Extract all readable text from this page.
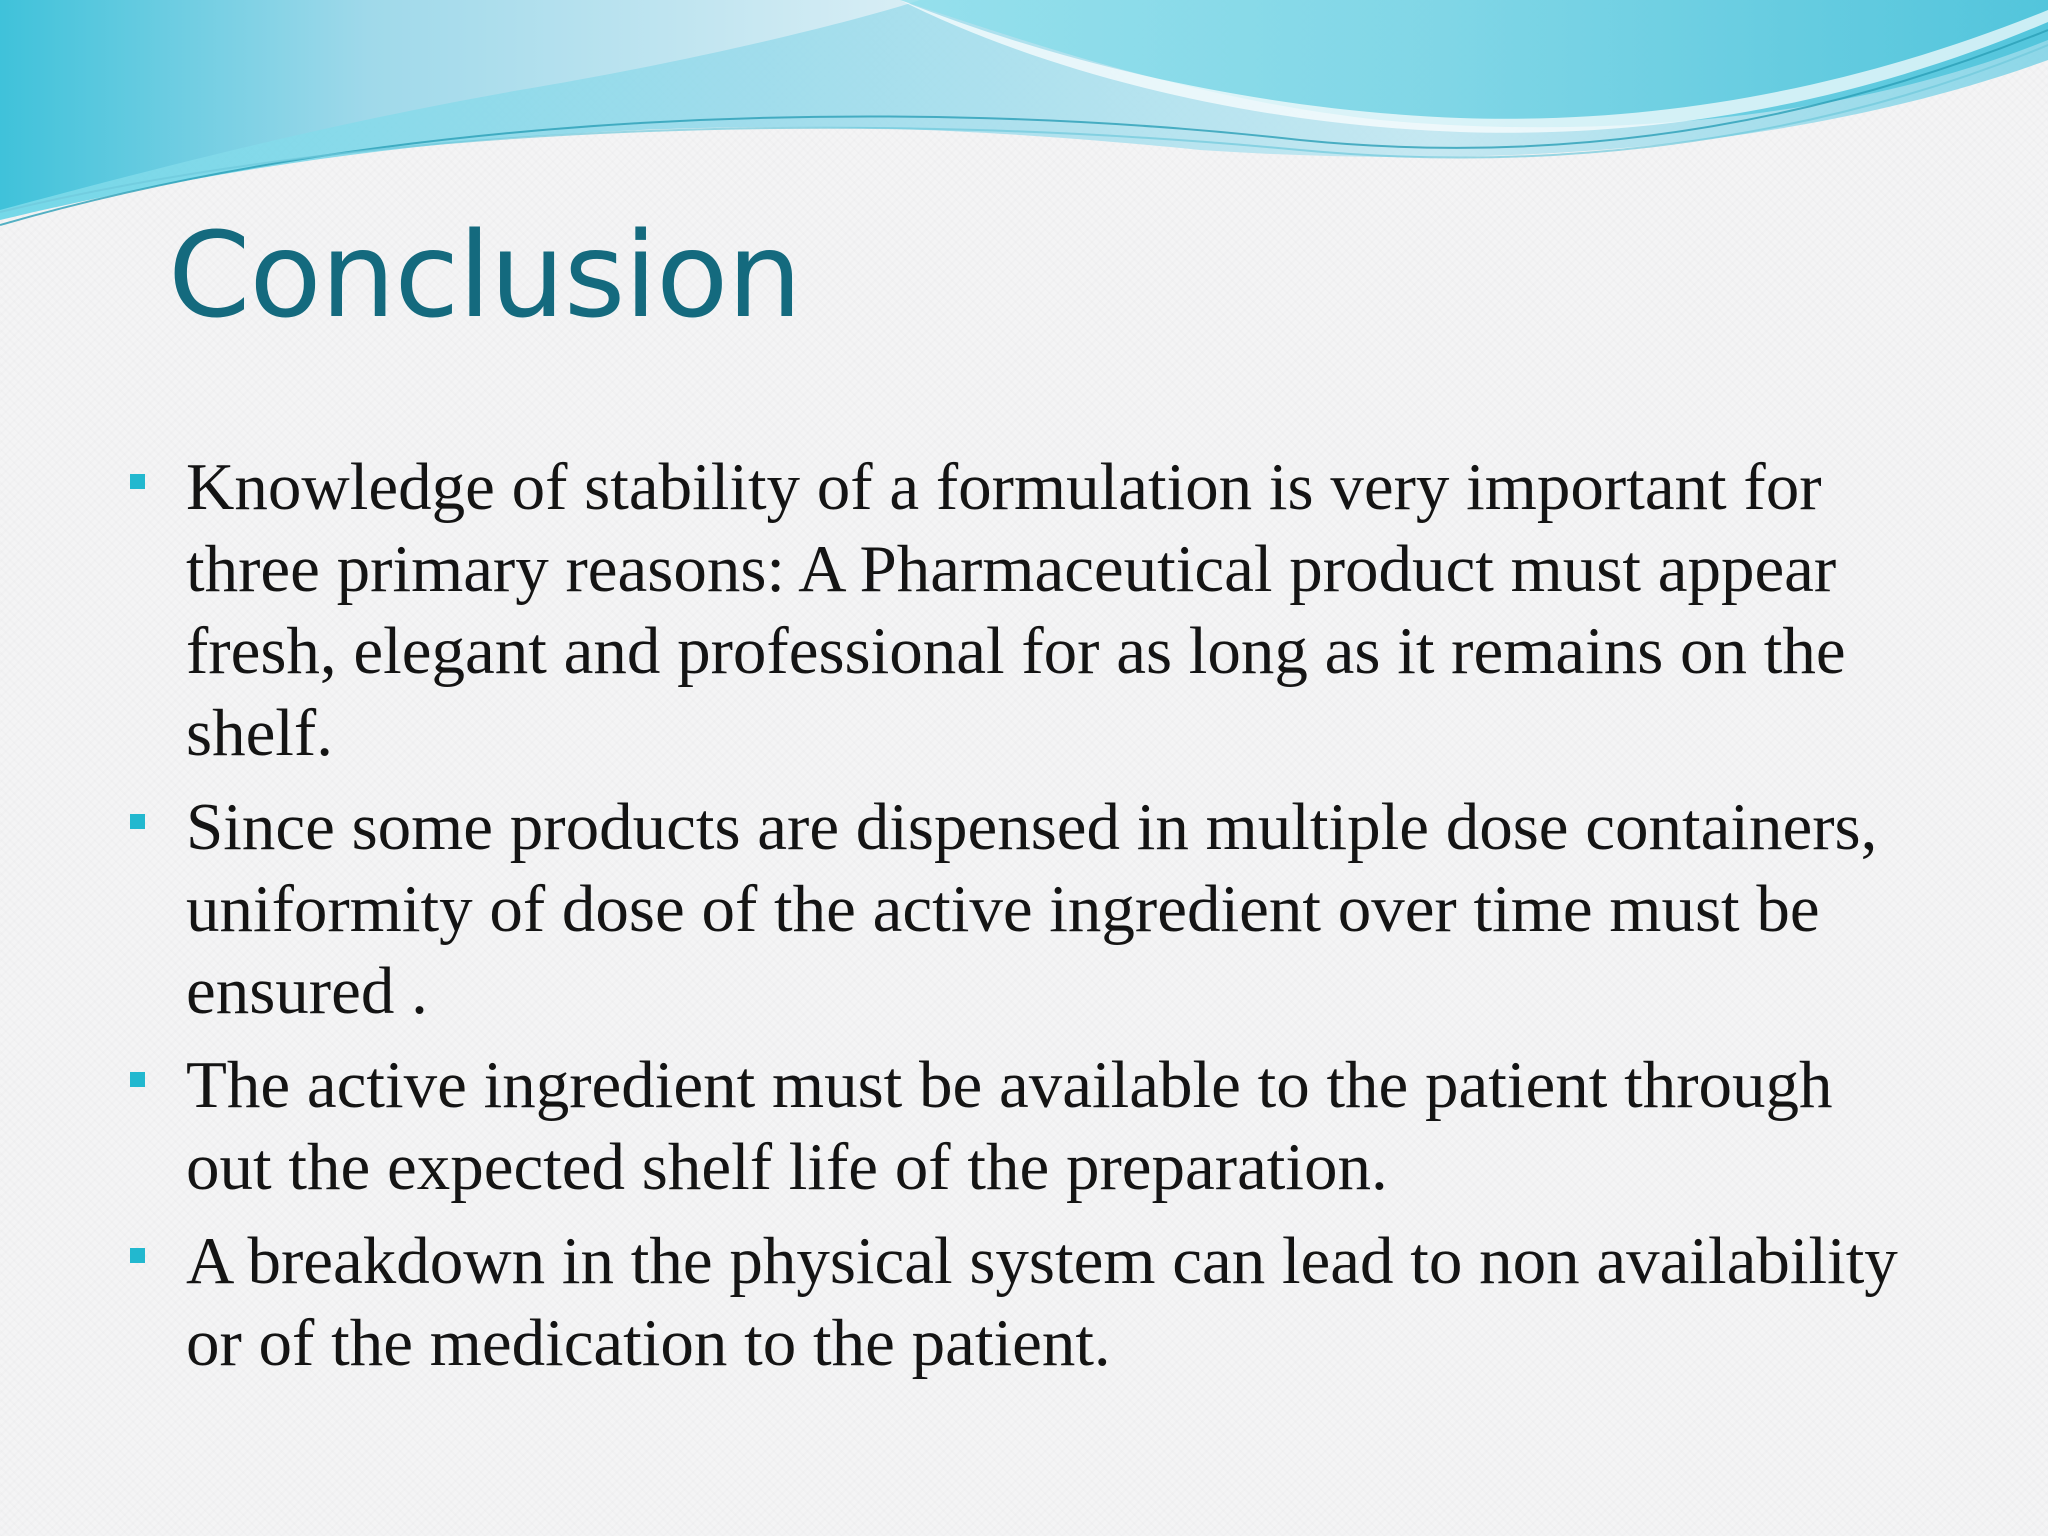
Conclusion
Knowledge of stability of a formulation is very important for three primary reasons: A Pharmaceutical product must appear fresh, elegant and professional for as long as it remains on the shelf.
Since some products are dispensed in multiple dose containers, uniformity of dose of the active ingredient over time must be ensured .
The active ingredient must be available to the patient through out the expected shelf life of the preparation.
A breakdown in the physical system can lead to non availability or of the medication to the patient.
